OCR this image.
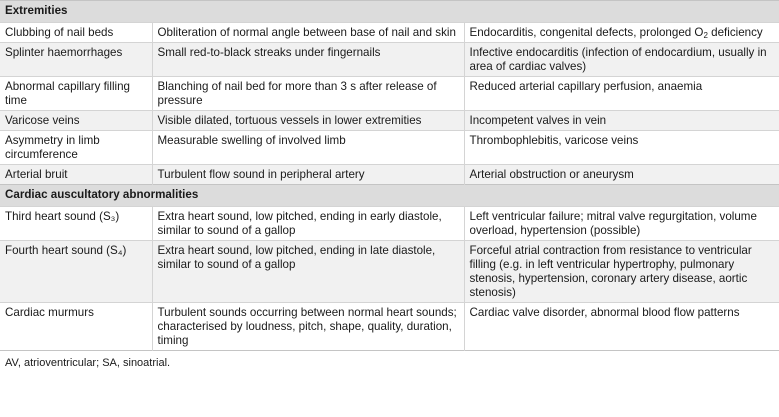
Extremities		
Clubbing of nail beds	Obliteration of normal angle between base of nail and skin	Endocarditis, congenital defects, prolonged $O_2$ deficiency
Splinter haemorrhages	Small red-to-black streaks under fingernails	Infective endocarditis (infection of endocardium, usually in area of cardiac valves)
Abnormal capillary filling time	Blanching of nail bed for more than 3 s after release of pressure	Reduced arterial capillary perfusion, anaemia
Varicose veins	Visible dilated, tortuous vessels in lower extremities	Incompetent valves in vein
Asymmetry in limb circumference	Measurable swelling of involved limb	Thrombophlebitis, varicose veins
Arterial bruit	Turbulent flow sound in peripheral artery	Arterial obstruction or aneurysm
Cardiac auscultatory abnormalities		
Third heart sound (S₃)	Extra heart sound, low pitched, ending in early diastole, similar to sound of a gallop	Left ventricular failure; mitral valve regurgitation, volume overload, hypertension (possible)
Fourth heart sound (S₄)	Extra heart sound, low pitched, ending in late diastole, similar to sound of a gallop	Forceful atrial contraction from resistance to ventricular filling (e.g. in left ventricular hypertrophy, pulmonary stenosis, hypertension, coronary artery disease, aortic stenosis)
Cardiac murmurs	Turbulent sounds occurring between normal heart sounds; characterised by loudness, pitch, shape, quality, duration, timing	Cardiac valve disorder, abnormal blood flow patterns
AV, atrioventricular; SA, sinoatrial.		
